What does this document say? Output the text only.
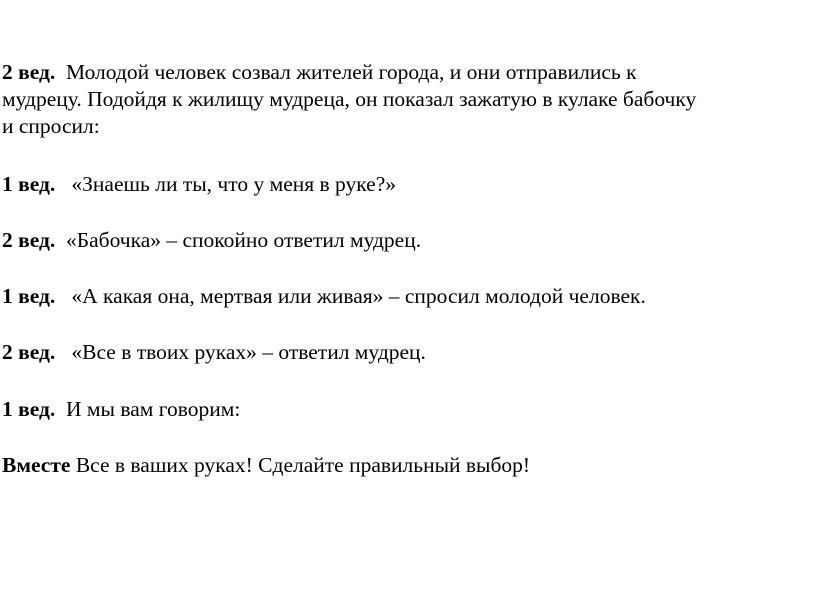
2 вед. Молодой человек созвал жителей города, и они отправились к
мудрецу. Подойдя к жилищу мудреца, он показал зажатую в кулаке бабочку
и спросил:

1 вед. «Знаешь ли ты, что у меня в руке?»

2 вед. «Бабочка» – спокойно ответил мудрец.

1 вед. «А какая она, мертвая или живая» – спросил молодой человек.

2 вед. «Все в твоих руках» – ответил мудрец.

1 вед. И мы вам говорим:

Вместе Все в ваших руках! Сделайте правильный выбор!
